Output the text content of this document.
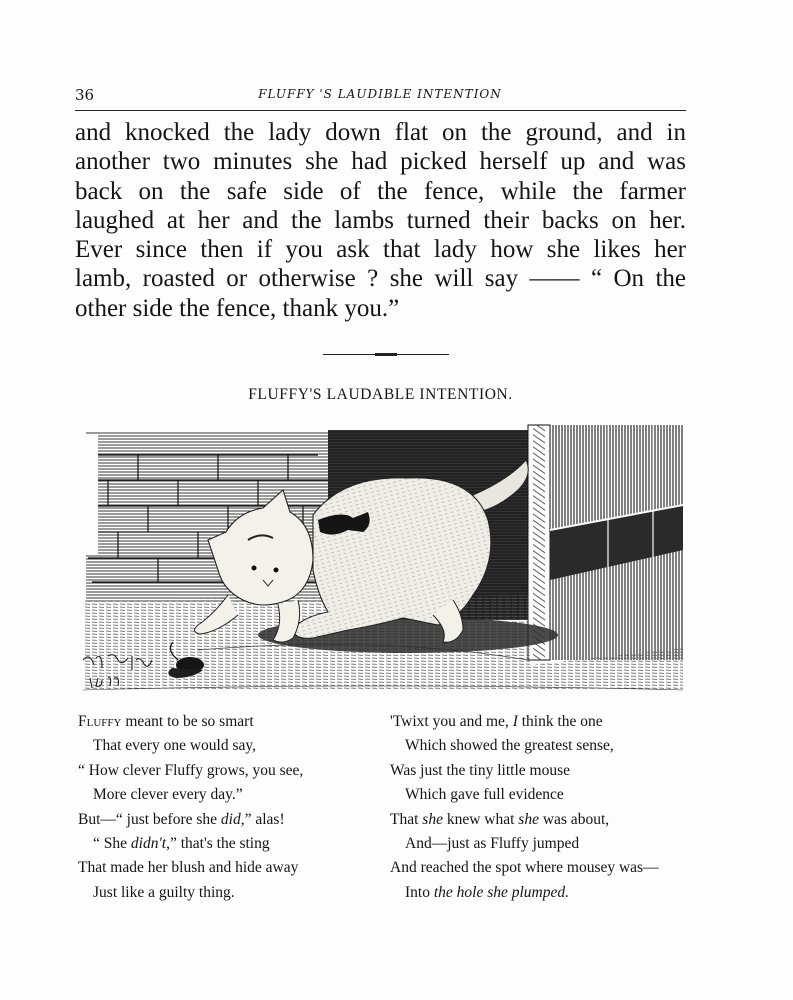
36	FLUFFY 'S LAUDIBLE INTENTION
and knocked the lady down flat on the ground, and in
another two minutes she had picked herself up and was
back on the safe side of the fence, while the farmer
laughed at her and the lambs turned their backs on her.
Ever since then if you ask that lady how she likes her
lamb, roasted or otherwise ? she will say —— “ On the
other side the fence, thank you.”
FLUFFY'S LAUDABLE INTENTION.
Fluffy meant to be so smart
That every one would say,
“ How clever Fluffy grows, you see,
More clever every day.”
But—“ just before she did,” alas!
“ She didn't,” that's the sting
That made her blush and hide away
Just like a guilty thing.
'Twixt you and me, I think the one
Which showed the greatest sense,
Was just the tiny little mouse
Which gave full evidence
That she knew what she was about,
And—just as Fluffy jumped
And reached the spot where mousey was—
Into the hole she plumped.
